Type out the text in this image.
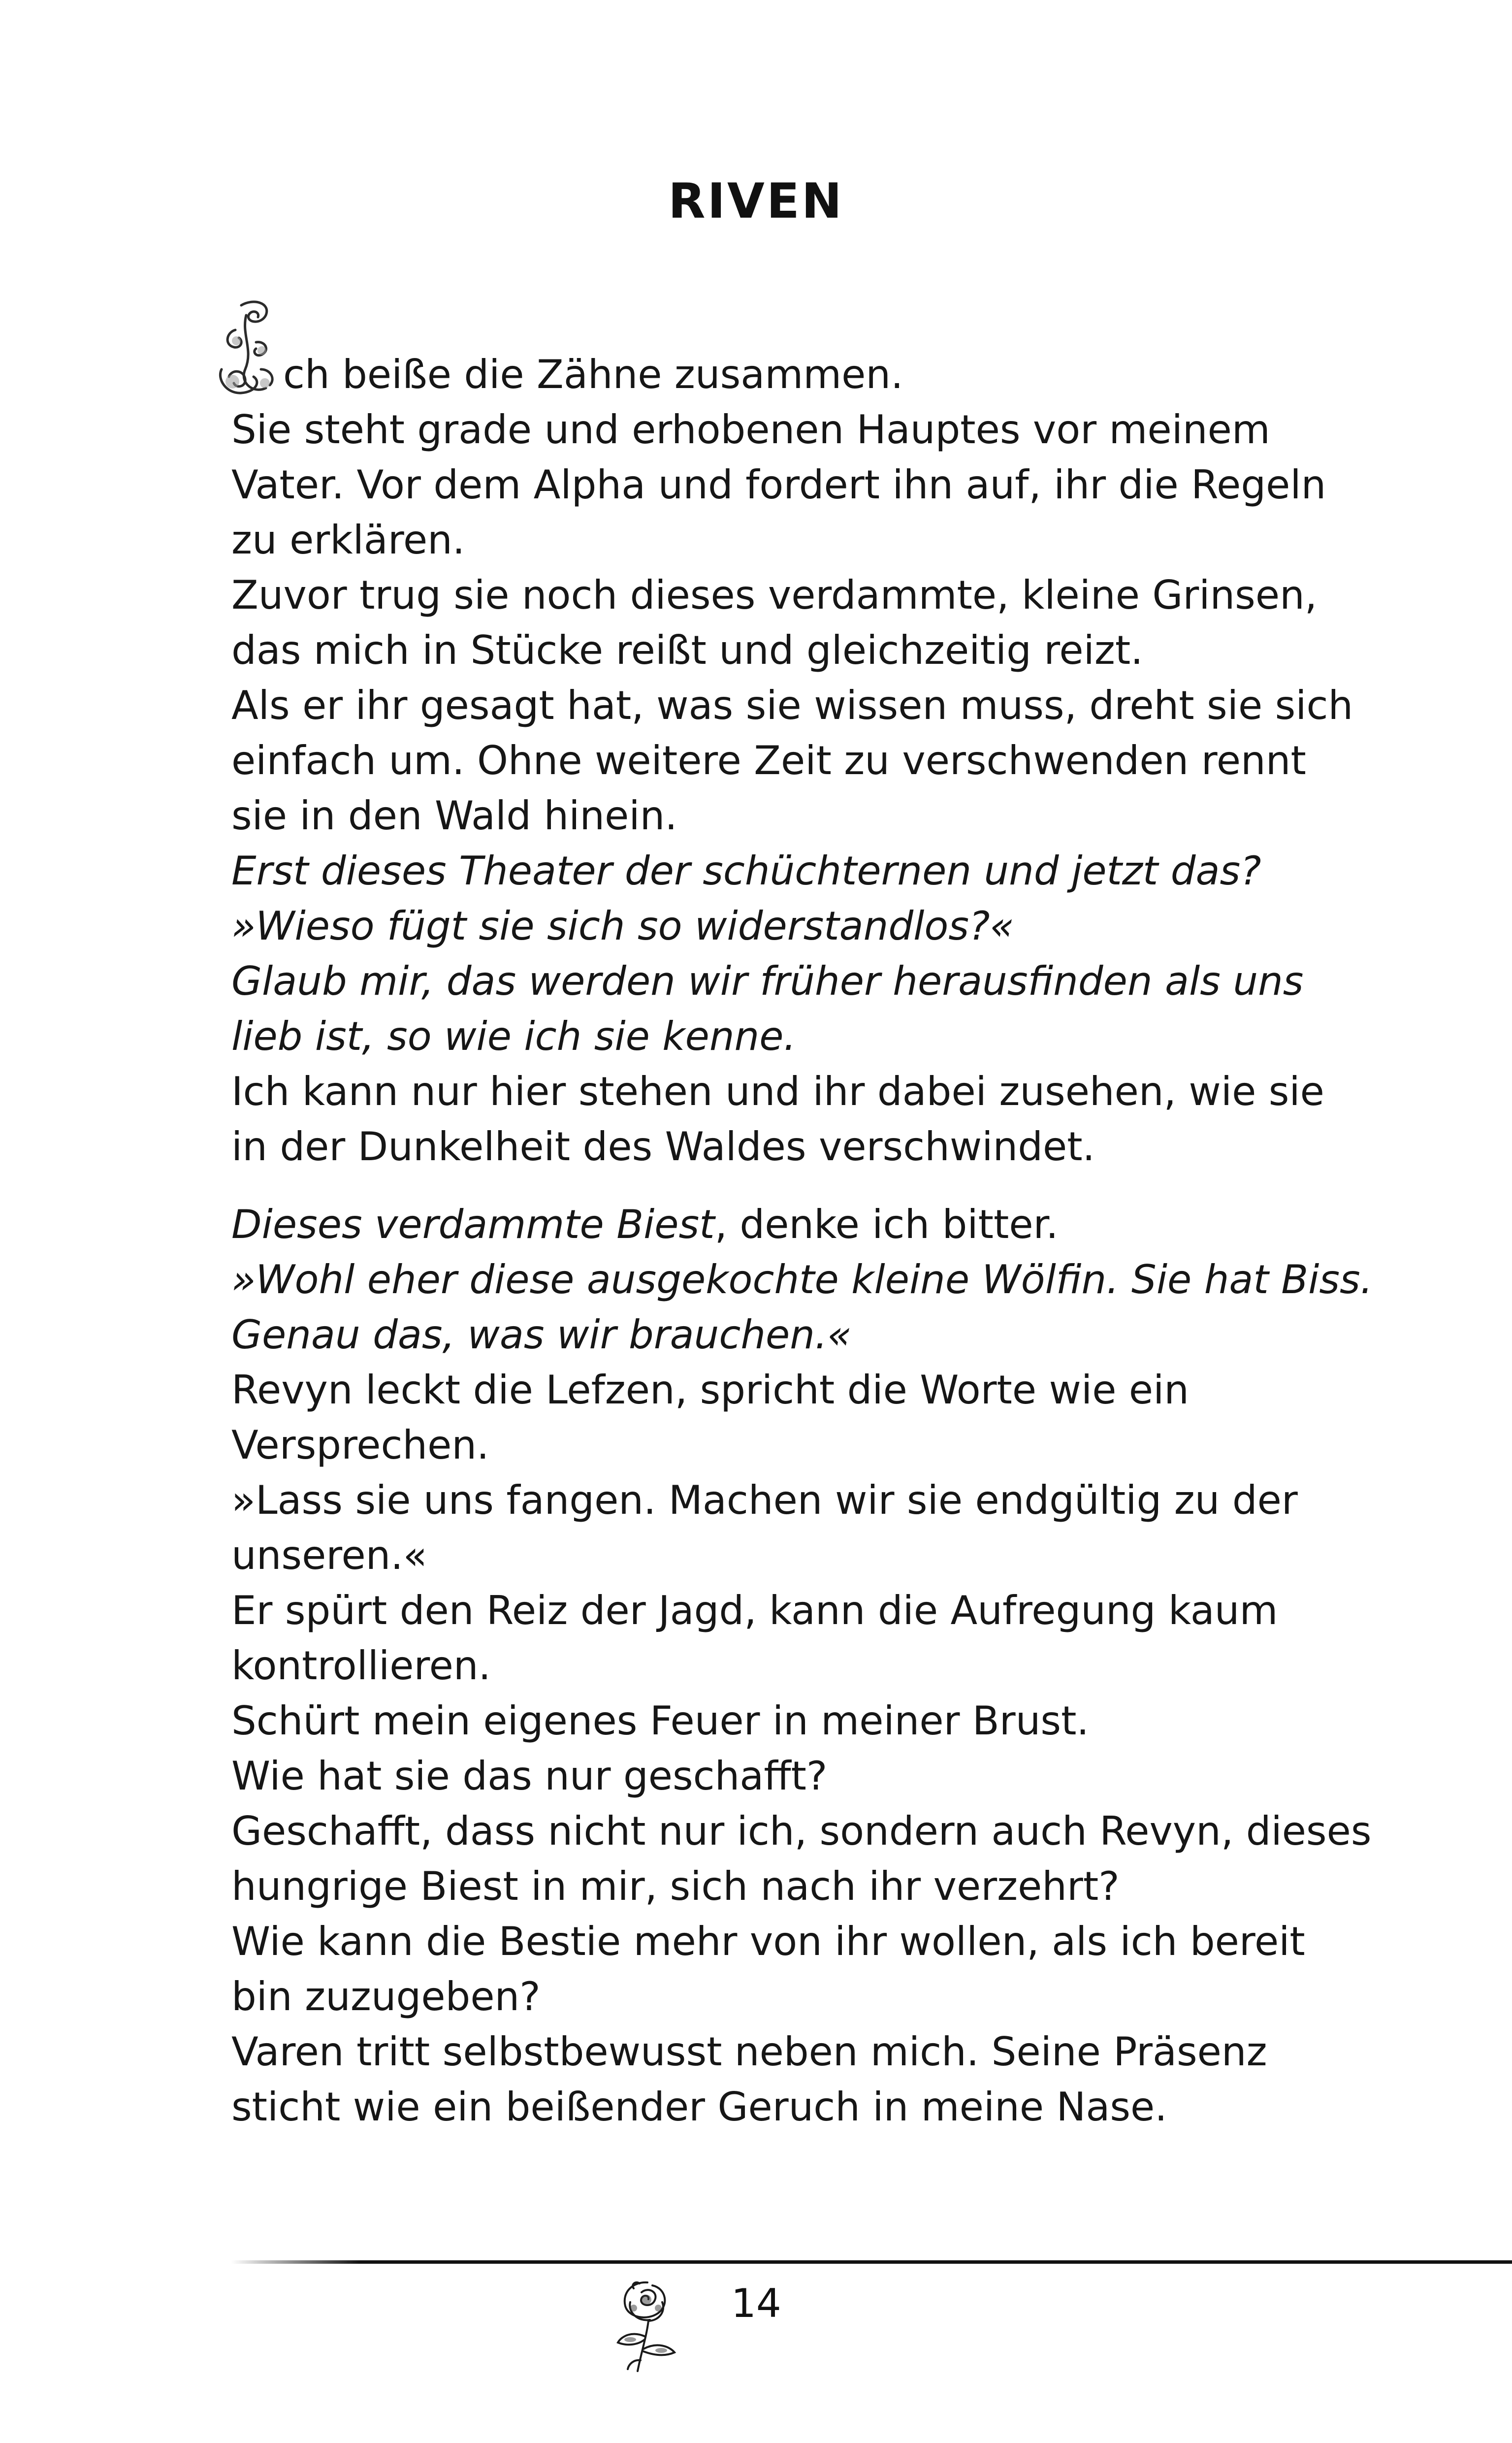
RIVEN
ch beiße die Zähne zusammen.
Sie steht grade und erhobenen Hauptes vor meinem
Vater. Vor dem Alpha und fordert ihn auf, ihr die Regeln
zu erklären.
Zuvor trug sie noch dieses verdammte, kleine Grinsen,
das mich in Stücke reißt und gleichzeitig reizt.
Als er ihr gesagt hat, was sie wissen muss, dreht sie sich
einfach um. Ohne weitere Zeit zu verschwenden rennt
sie in den Wald hinein.
Erst dieses Theater der schüchternen und jetzt das?
»Wieso fügt sie sich so widerstandlos?«
Glaub mir, das werden wir früher herausfinden als uns
lieb ist, so wie ich sie kenne.
Ich kann nur hier stehen und ihr dabei zusehen, wie sie
in der Dunkelheit des Waldes verschwindet.
Dieses verdammte Biest, denke ich bitter.
»Wohl eher diese ausgekochte kleine Wölfin. Sie hat Biss.
Genau das, was wir brauchen.«
Revyn leckt die Lefzen, spricht die Worte wie ein
Versprechen.
»Lass sie uns fangen. Machen wir sie endgültig zu der
unseren.«
Er spürt den Reiz der Jagd, kann die Aufregung kaum
kontrollieren.
Schürt mein eigenes Feuer in meiner Brust.
Wie hat sie das nur geschafft?
Geschafft, dass nicht nur ich, sondern auch Revyn, dieses
hungrige Biest in mir, sich nach ihr verzehrt?
Wie kann die Bestie mehr von ihr wollen, als ich bereit
bin zuzugeben?
Varen tritt selbstbewusst neben mich. Seine Präsenz
sticht wie ein beißender Geruch in meine Nase.
14
